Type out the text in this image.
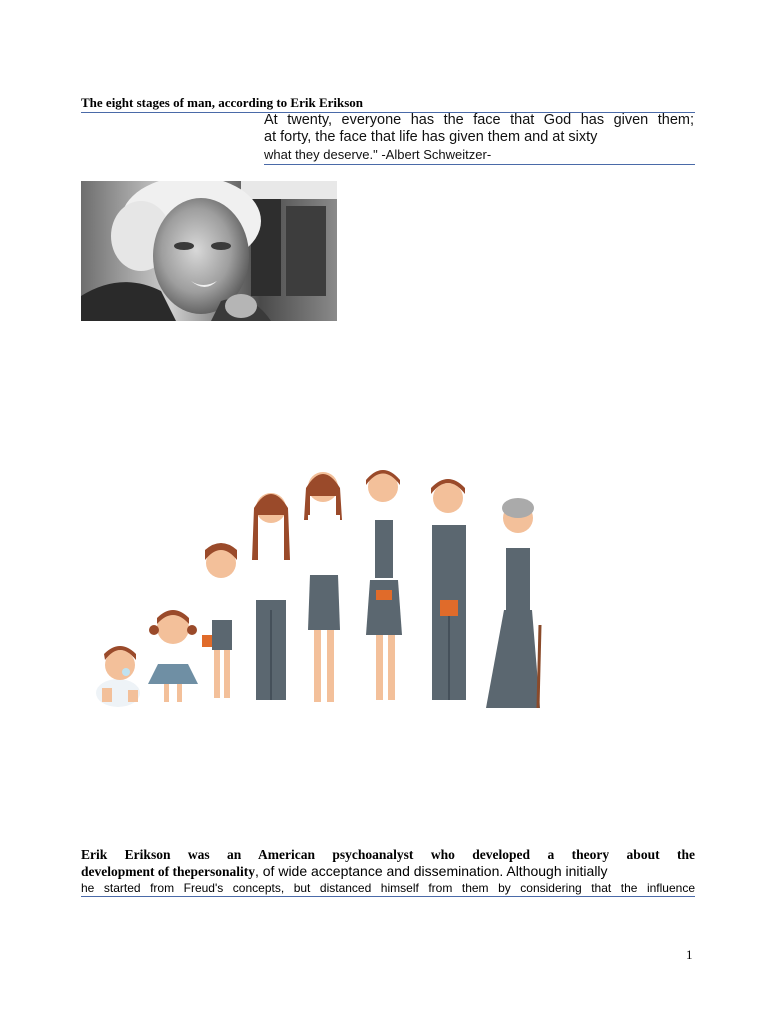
The eight stages of man, according to Erik Erikson
At twenty, everyone has the face that God has given them;
at forty, the face that life has given them and at sixty
what they deserve." -Albert Schweitzer-
Erik Erikson was an American psychoanalyst who developed a theory about the
development of thepersonality, of wide acceptance and dissemination. Although initially
he started from Freud's concepts, but distanced himself from them by considering that the influence
1
